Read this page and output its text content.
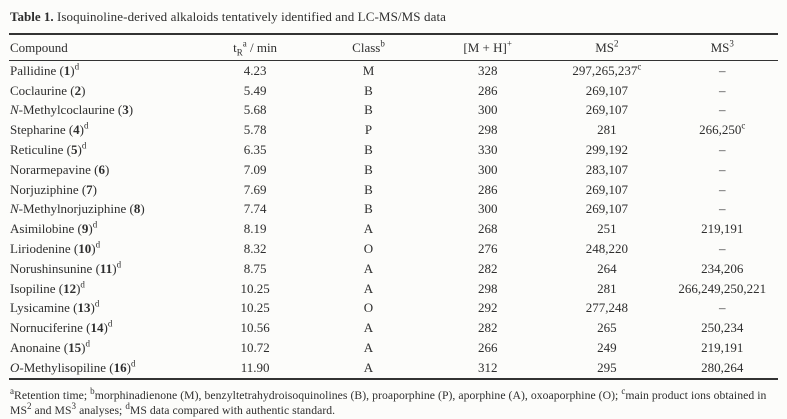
Table 1. Isoquinoline-derived alkaloids tentatively identified and LC-MS/MS data
Compound	$t_R^a$ / min	Class$^b$	[M + H]+	$MS^2$	$MS^3$
Pallidine $(1)^d$	4.23	M	328	297,265,237$^c$	–
Coclaurine (2)	5.49	B	286	269,107	–
N-Methylcoclaurine (3)	5.68	B	300	269,107	–
Stepharine $(4)^d$	5.78	P	298	281	266,250$^c$
Reticuline $(5)^d$	6.35	B	330	299,192	–
Norarmepavine (6)	7.09	B	300	283,107	–
Norjuziphine (7)	7.69	B	286	269,107	–
N-Methylnorjuziphine (8)	7.74	B	300	269,107	–
Asimilobine $(9)^d$	8.19	A	268	251	219,191
Liriodenine $(10)^d$	8.32	O	276	248,220	–
Norushinsunine $(11)^d$	8.75	A	282	264	234,206
Isopiline $(12)^d$	10.25	A	298	281	266,249,250,221
Lysicamine $(13)^d$	10.25	O	292	277,248	–
Nornuciferine $(14)^d$	10.56	A	282	265	250,234
Anonaine $(15)^d$	10.72	A	266	249	219,191
O-Methylisopiline $(16)^d$	11.90	A	312	295	280,264
$^a$Retention time; $^b$morphinadienone (M), benzyltetrahydroisoquinolines (B), proaporphine (P), aporphine (A), oxoaporphine (O); $^c$main product ions obtained in $MS^2$ and $MS^3$ analyses; $^d$MS data compared with authentic standard.
